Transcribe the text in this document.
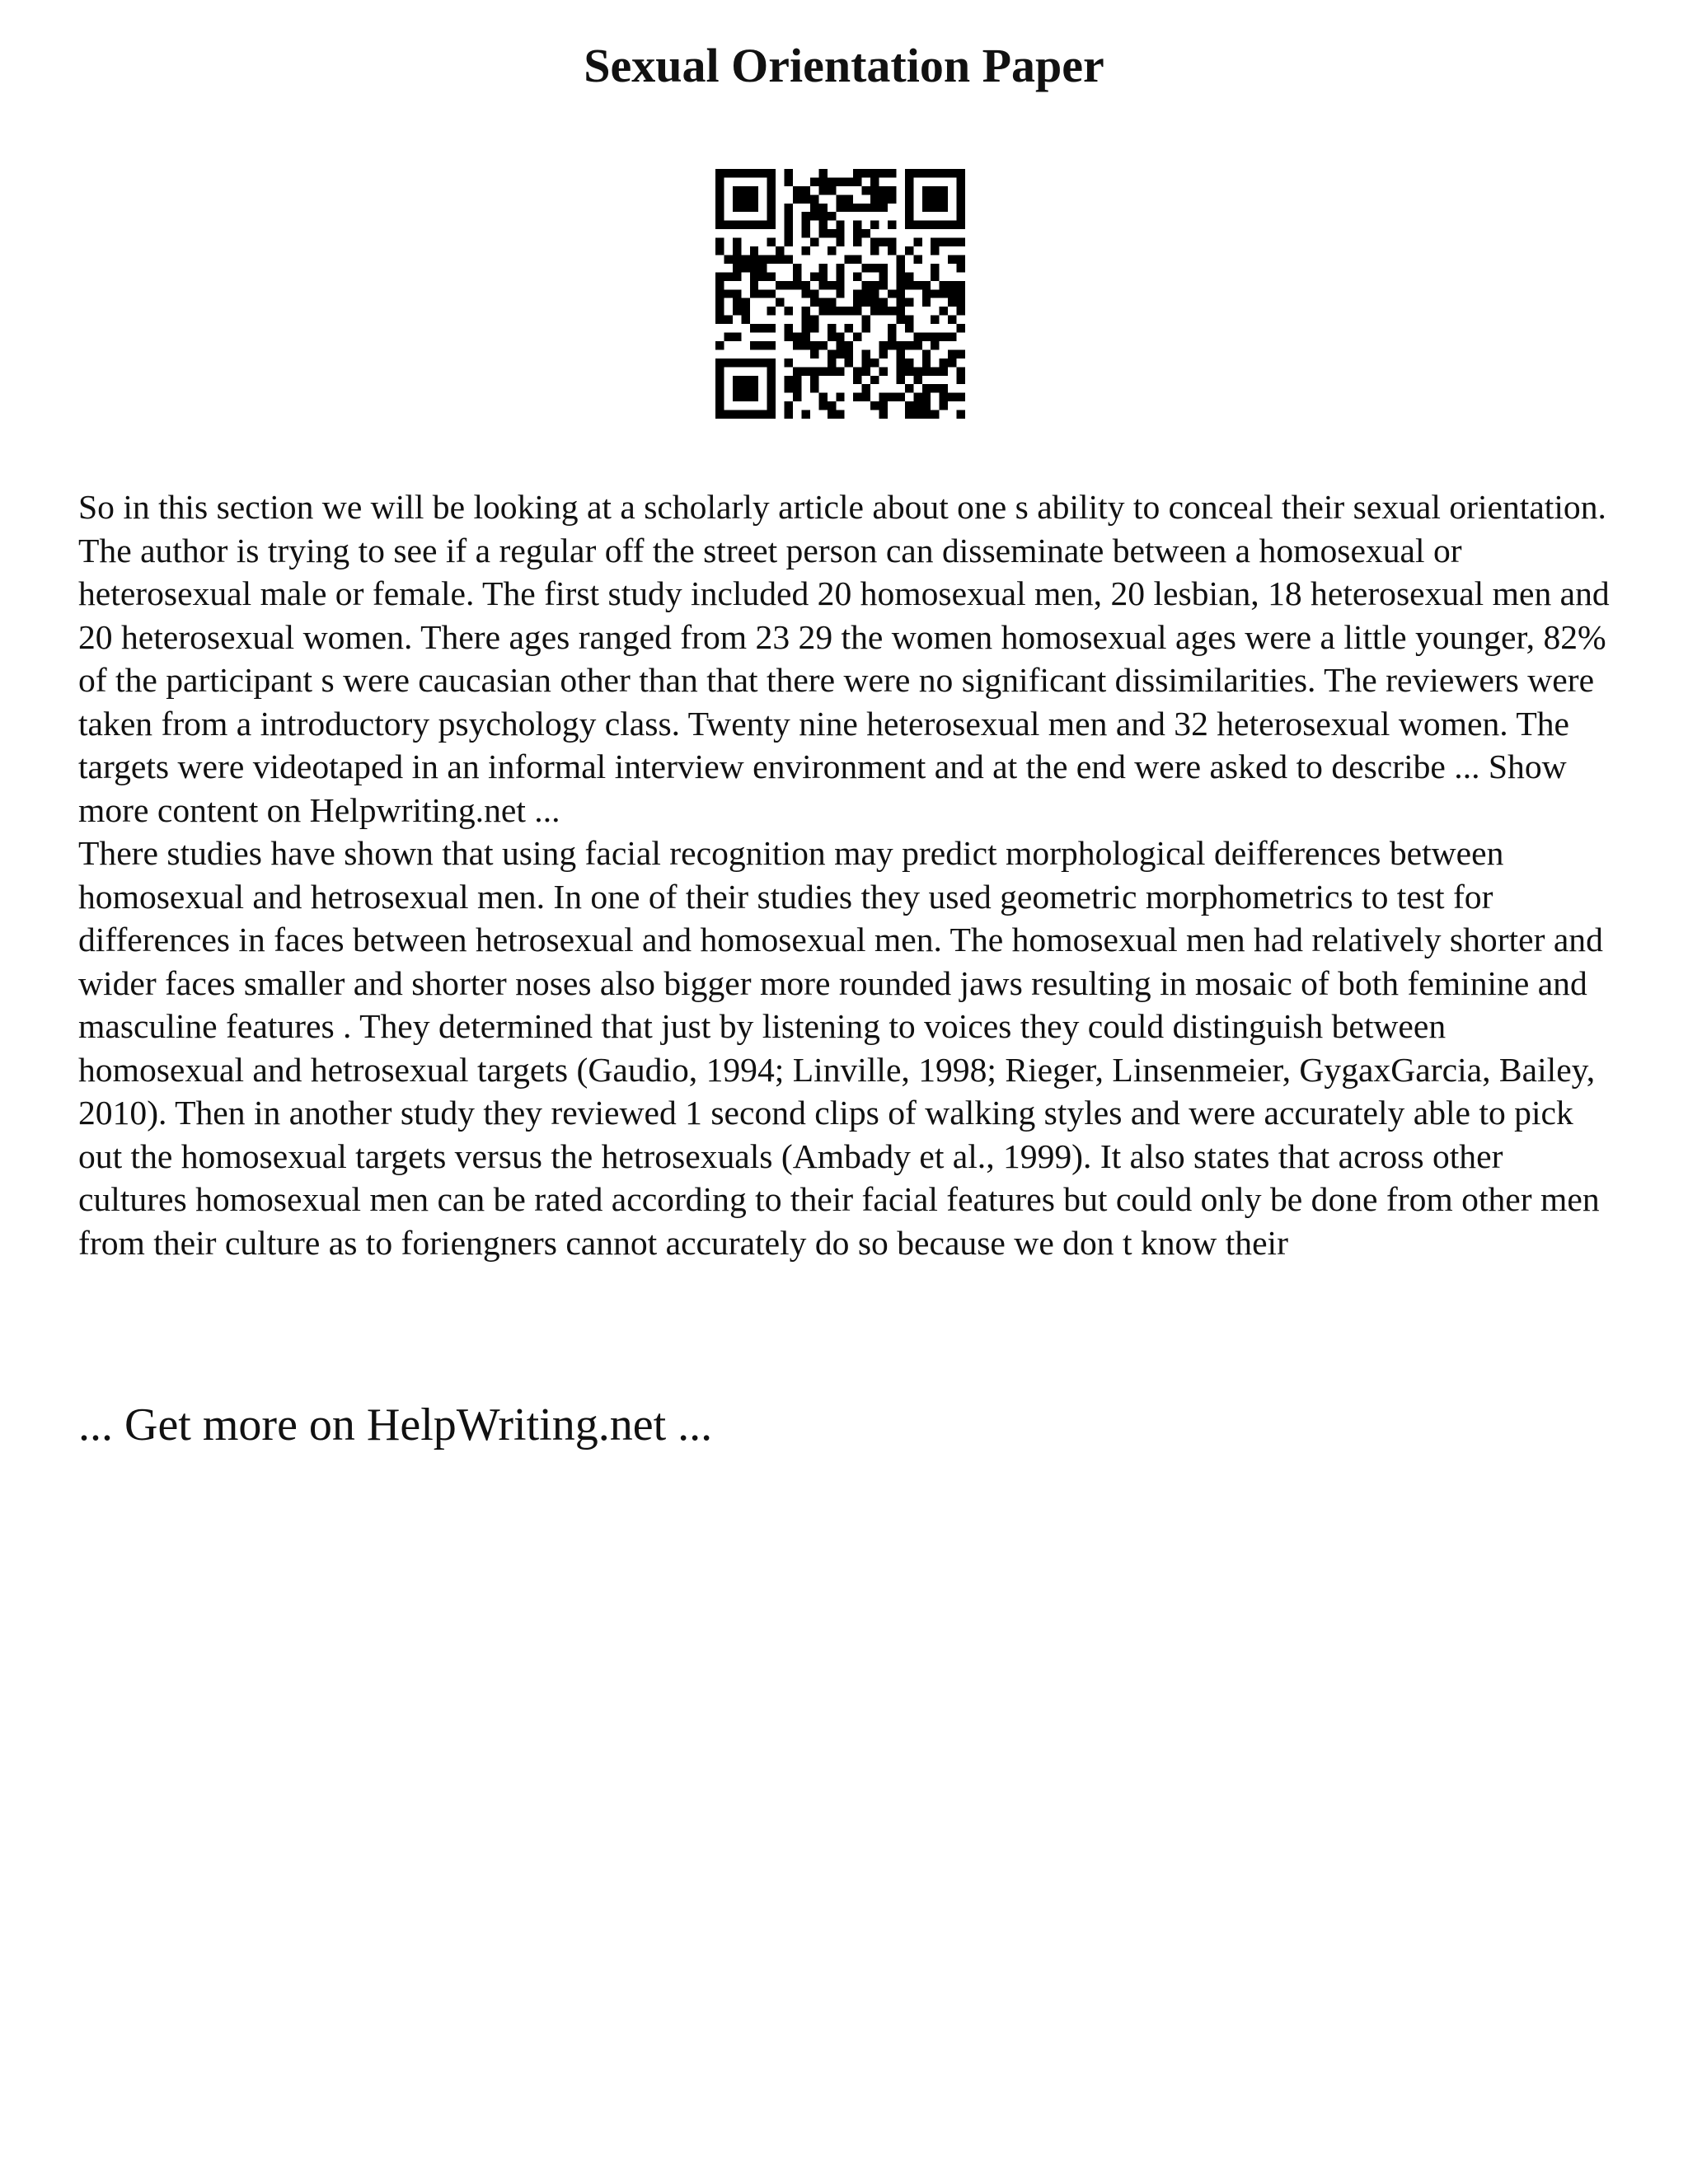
Sexual Orientation Paper

So in this section we will be looking at a scholarly article about one s ability to conceal their sexual orientation. The author is trying to see if a regular off the street person can disseminate between a homosexual or heterosexual male or female. The first study included 20 homosexual men, 20 lesbian, 18 heterosexual men and 20 heterosexual women. There ages ranged from 23 29 the women homosexual ages were a little younger, 82% of the participant s were caucasian other than that there were no significant dissimilarities. The reviewers were taken from a introductory psychology class. Twenty nine heterosexual men and 32 heterosexual women. The targets were videotaped in an informal interview environment and at the end were asked to describe ... Show more content on Helpwriting.net ...

There studies have shown that using facial recognition may predict morphological deifferences between homosexual and hetrosexual men. In one of their studies they used geometric morphometrics to test for differences in faces between hetrosexual and homosexual men. The homosexual men had relatively shorter and wider faces smaller and shorter noses also bigger more rounded jaws resulting in mosaic of both feminine and masculine features . They determined that just by listening to voices they could distinguish between homosexual and hetrosexual targets (Gaudio, 1994; Linville, 1998; Rieger, Linsenmeier, GygaxGarcia, Bailey, 2010). Then in another study they reviewed 1 second clips of walking styles and were accurately able to pick out the homosexual targets versus the hetrosexuals (Ambady et al., 1999). It also states that across other cultures homosexual men can be rated according to their facial features but could only be done from other men from their culture as to foriengners cannot accurately do so because we don t know their

... Get more on HelpWriting.net ...
